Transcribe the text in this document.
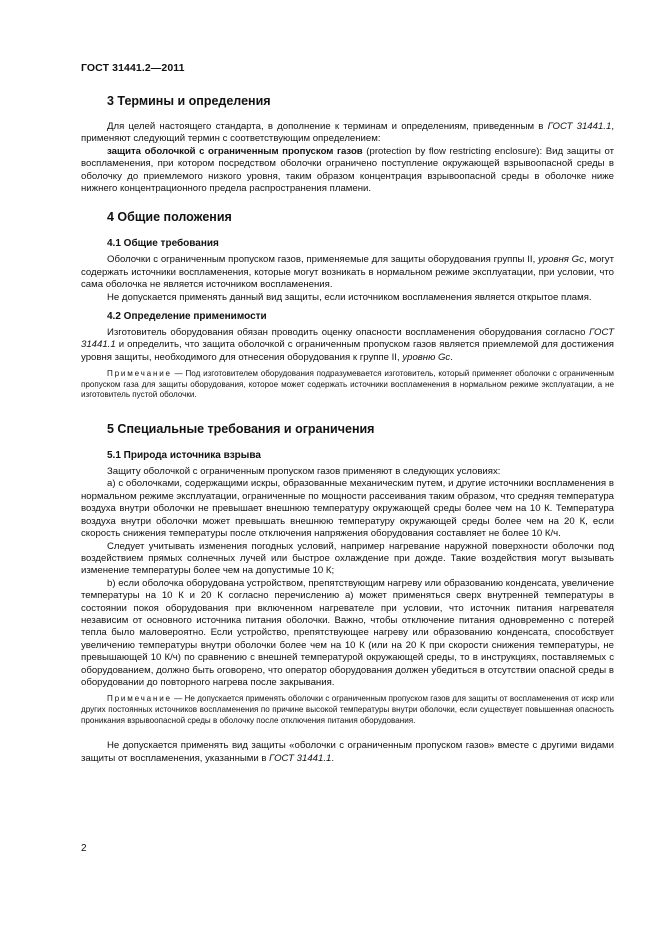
ГОСТ 31441.2—2011
3 Термины и определения

Для целей настоящего стандарта, в дополнение к терминам и определениям, приведенным в ГОСТ 31441.1, применяют следующий термин с соответствующим определением:

защита оболочкой с ограниченным пропуском газов (protection by flow restricting enclosure): Вид защиты от воспламенения, при котором посредством оболочки ограничено поступление окружающей взрывоопасной среды в оболочку до приемлемого низкого уровня, таким образом концентрация взрывоопасной среды в оболочке ниже нижнего концентрационного предела распространения пламени.

4 Общие положения
4.1 Общие требования

Оболочки с ограниченным пропуском газов, применяемые для защиты оборудования группы II, уровня Gc, могут содержать источники воспламенения, которые могут возникать в нормальном режиме эксплуатации, при условии, что сама оболочка не является источником воспламенения.

Не допускается применять данный вид защиты, если источником воспламенения является открытое пламя.

4.2 Определение применимости

Изготовитель оборудования обязан проводить оценку опасности воспламенения оборудования согласно ГОСТ 31441.1 и определить, что защита оболочкой с ограниченным пропуском газов является приемлемой для достижения уровня защиты, необходимого для отнесения оборудования к группе II, уровню Gc.

Примечание — Под изготовителем оборудования подразумевается изготовитель, который применяет оболочки с ограниченным пропуском газа для защиты оборудования, которое может содержать источники воспламенения в нормальном режиме эксплуатации, а не изготовитель пустой оболочки.
5 Специальные требования и ограничения
5.1 Природа источника взрыва

Защиту оболочкой с ограниченным пропуском газов применяют в следующих условиях:

а) с оболочками, содержащими искры, образованные механическим путем, и другие источники воспламенения в нормальном режиме эксплуатации, ограниченные по мощности рассеивания таким образом, что средняя температура воздуха внутри оболочки не превышает внешнюю температуру окружающей среды более чем на 10 К. Температура воздуха внутри оболочки может превышать внешнюю температуру окружающей среды более чем на 20 К, если скорость снижения температуры после отключения напряжения оборудования составляет не более 10 К/ч.

Следует учитывать изменения погодных условий, например нагревание наружной поверхности оболочки под воздействием прямых солнечных лучей или быстрое охлаждение при дожде. Такие воздействия могут вызывать изменение температуры более чем на допустимые 10 К;

b) если оболочка оборудована устройством, препятствующим нагреву или образованию конденсата, увеличение температуры на 10 К и 20 К согласно перечислению а) может применяться сверх внутренней температуры в состоянии покоя оборудования при включенном нагревателе при условии, что источник питания нагревателя независим от основного источника питания оболочки. Важно, чтобы отключение питания одновременно с потерей тепла было маловероятно. Если устройство, препятствующее нагреву или образованию конденсата, способствует увеличению температуры внутри оболочки более чем на 10 К (или на 20 К при скорости снижения температуры, не превышающей 10 К/ч) по сравнению с внешней температурой окружающей среды, то в инструкциях, поставляемых с оборудованием, должно быть оговорено, что оператор оборудования должен убедиться в отсутствии опасной среды в оборудовании до повторного нагрева после закрывания.

Примечание — Не допускается применять оболочки с ограниченным пропуском газов для защиты от воспламенения от искр или других постоянных источников воспламенения по причине высокой температуры внутри оболочки, если существует повышенная опасность проникания взрывоопасной среды в оболочку после отключения питания оборудования.

Не допускается применять вид защиты «оболочки с ограниченным пропуском газов» вместе с другими видами защиты от воспламенения, указанными в ГОСТ 31441.1.

2
